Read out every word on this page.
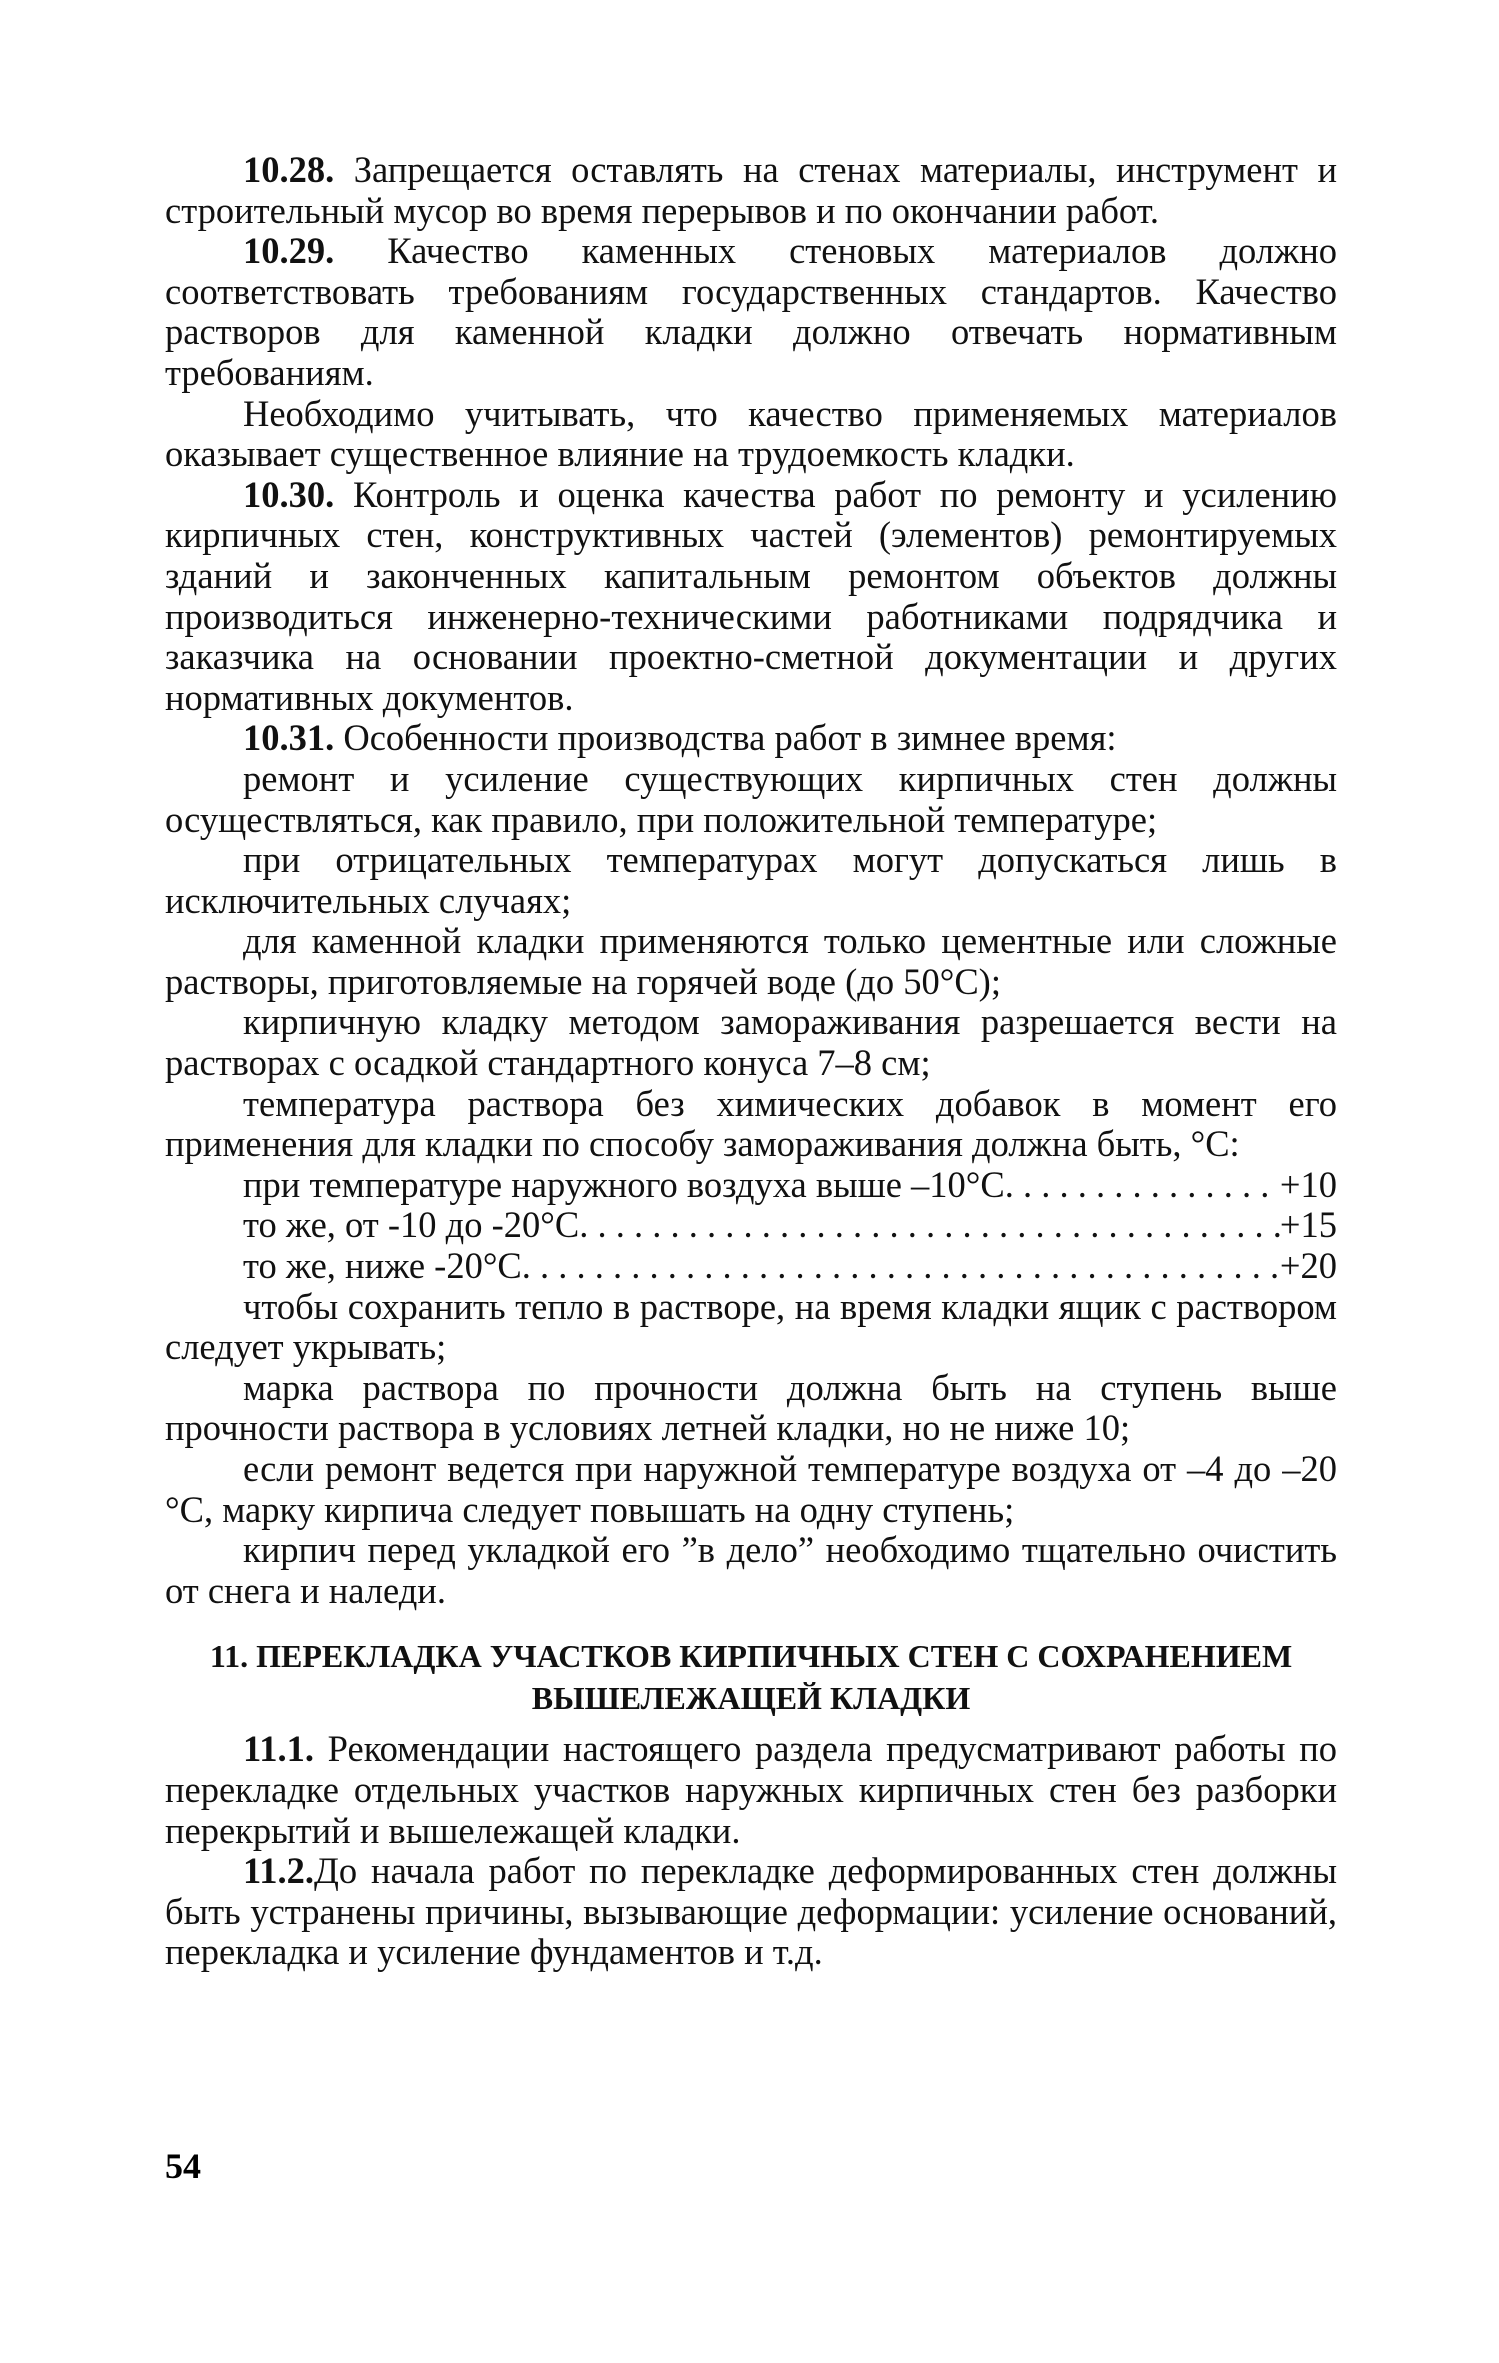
10.28. Запрещается оставлять на стенах материалы, инструмент и строительный мусор во время перерывов и по окончании работ.

10.29. Качество каменных стеновых материалов должно соответствовать требованиям государственных стандартов. Качество растворов для каменной кладки должно отвечать нормативным требованиям.

Необходимо учитывать, что качество применяемых материалов оказывает существенное влияние на трудоемкость кладки.

10.30. Контроль и оценка качества работ по ремонту и усилению кирпичных стен, конструктивных частей (элементов) ремонтируемых зданий и законченных капитальным ремонтом объектов должны производиться инженерно-техническими работниками подрядчика и заказчика на основании проектно-сметной документации и других нормативных документов.

10.31. Особенности производства работ в зимнее время:

ремонт и усиление существующих кирпичных стен должны осуществляться, как правило, при положительной температуре;

при отрицательных температурах могут допускаться лишь в исключительных случаях;

для каменной кладки применяются только цементные или сложные растворы, приготовляемые на горячей воде (до 50°С);

кирпичную кладку методом замораживания разрешается вести на растворах с осадкой стандартного конуса 7–8 см;

температура раствора без химических добавок в момент его применения для кладки по способу замораживания должна быть, °С:

при температуре наружного воздуха выше –10°С . . .	+10
то же, от -10 до -20°С . . .	+15
то же, ниже -20°С . . .	+20

чтобы сохранить тепло в растворе, на время кладки ящик с раствором следует укрывать;

марка раствора по прочности должна быть на ступень выше прочности раствора в условиях летней кладки, но не ниже 10;

если ремонт ведется при наружной температуре воздуха от –4 до –20 °С, марку кирпича следует повышать на одну ступень;

кирпич перед укладкой его ”в дело” необходимо тщательно очистить от снега и наледи.

11. ПЕРЕКЛАДКА УЧАСТКОВ КИРПИЧНЫХ СТЕН С СОХРАНЕНИЕМ ВЫШЕЛЕЖАЩЕЙ КЛАДКИ

11.1. Рекомендации настоящего раздела предусматривают работы по перекладке отдельных участков наружных кирпичных стен без разборки перекрытий и вышележащей кладки.

11.2.До начала работ по перекладке деформированных стен должны быть устранены причины, вызывающие деформации: усиление оснований, перекладка и усиление фундаментов и т.д.

54
